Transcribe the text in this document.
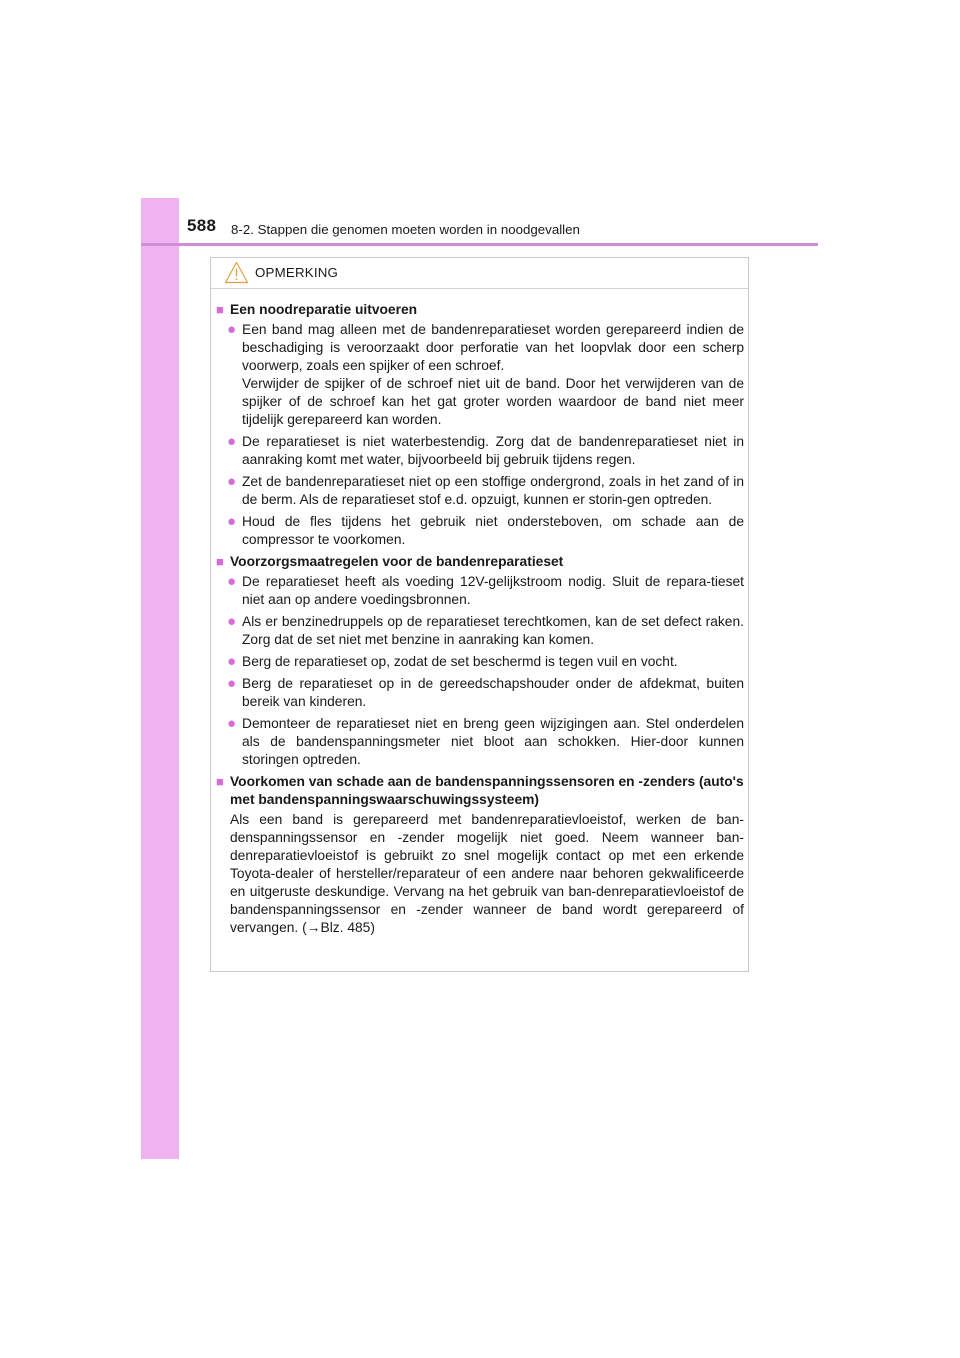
588 8-2. Stappen die genomen moeten worden in noodgevallen
OPMERKING
■ Een noodreparatie uitvoeren
● Een band mag alleen met de bandenreparatieset worden gerepareerd indien de beschadiging is veroorzaakt door perforatie van het loopvlak door een scherp voorwerp, zoals een spijker of een schroef.

Verwijder de spijker of de schroef niet uit de band. Door het verwijderen van de spijker of de schroef kan het gat groter worden waardoor de band niet meer tijdelijk gerepareerd kan worden.

● De reparatieset is niet waterbestendig. Zorg dat de bandenreparatieset niet in aanraking komt met water, bijvoorbeeld bij gebruik tijdens regen.

● Zet de bandenreparatieset niet op een stoffige ondergrond, zoals in het zand of in de berm. Als de reparatieset stof e.d. opzuigt, kunnen er storin-gen optreden.

● Houd de fles tijdens het gebruik niet ondersteboven, om schade aan de compressor te voorkomen.

■ Voorzorgsmaatregelen voor de bandenreparatieset
● De reparatieset heeft als voeding 12V-gelijkstroom nodig. Sluit de repara-tieset niet aan op andere voedingsbronnen.

● Als er benzinedruppels op de reparatieset terechtkomen, kan de set defect raken. Zorg dat de set niet met benzine in aanraking kan komen.

● Berg de reparatieset op, zodat de set beschermd is tegen vuil en vocht.

● Berg de reparatieset op in de gereedschapshouder onder de afdekmat, buiten bereik van kinderen.

● Demonteer de reparatieset niet en breng geen wijzigingen aan. Stel onderdelen als de bandenspanningsmeter niet bloot aan schokken. Hier-door kunnen storingen optreden.

■ Voorkomen van schade aan de bandenspanningssensoren en -zenders (auto's met bandenspanningswaarschuwingssysteem)
Als een band is gerepareerd met bandenreparatievloeistof, werken de ban-denspanningssensor en -zender mogelijk niet goed. Neem wanneer ban-denreparatievloeistof is gebruikt zo snel mogelijk contact op met een erkende Toyota-dealer of hersteller/reparateur of een andere naar behoren gekwalificeerde en uitgeruste deskundige. Vervang na het gebruik van ban-denreparatievloeistof de bandenspanningssensor en -zender wanneer de band wordt gerepareerd of vervangen. (→Blz. 485)
